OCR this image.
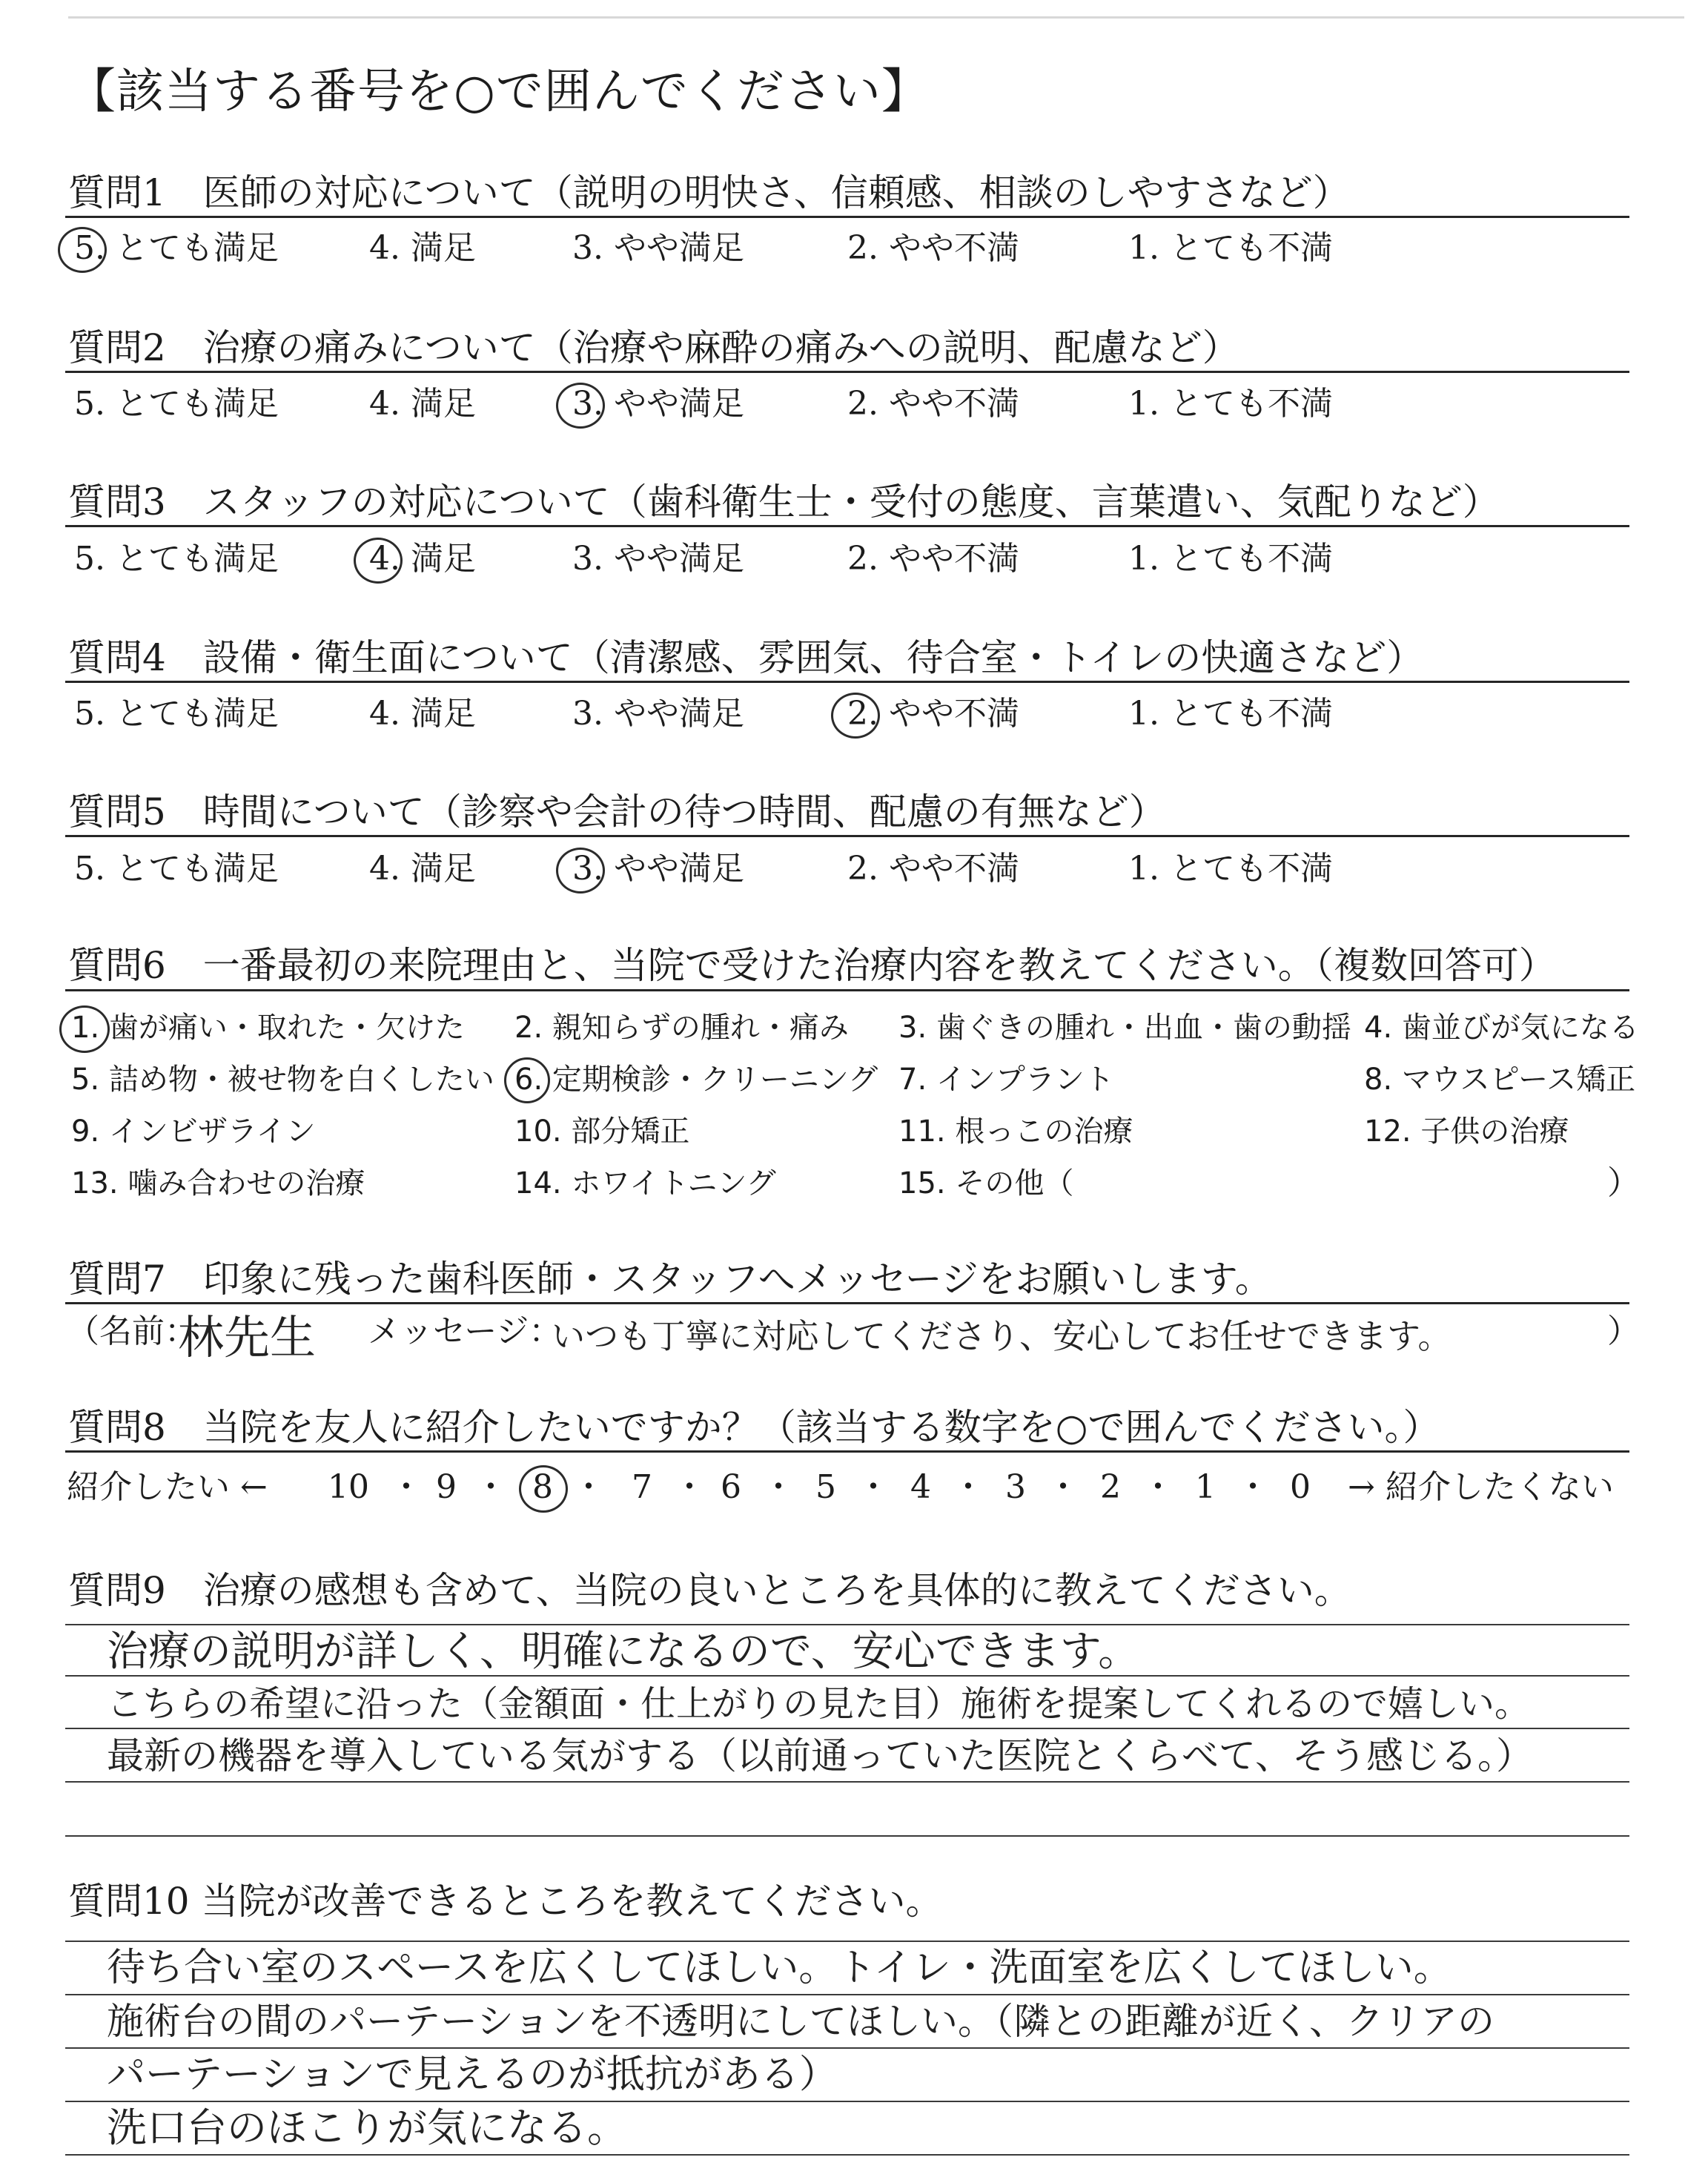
【該当する番号を○で囲んでください】
質問1　医師の対応について（説明の明快さ、信頼感、相談のしやすさなど）
5. とても満足	4. 満足	3. やや満足	2. やや不満	1. とても不満
質問2　治療の痛みについて（治療や麻酔の痛みへの説明、配慮など）
5. とても満足	4. 満足	3. やや満足	2. やや不満	1. とても不満
質問3　スタッフの対応について（歯科衛生士・受付の態度、言葉遣い、気配りなど）
5. とても満足	4. 満足	3. やや満足	2. やや不満	1. とても不満
質問4　設備・衛生面について（清潔感、雰囲気、待合室・トイレの快適さなど）
5. とても満足	4. 満足	3. やや満足	2. やや不満	1. とても不満
質問5　時間について（診察や会計の待つ時間、配慮の有無など）
5. とても満足	4. 満足	3. やや満足	2. やや不満	1. とても不満
質問6　一番最初の来院理由と、当院で受けた治療内容を教えてください。（複数回答可）
1. 歯が痛い・取れた・欠けた 2. 親知らずの腫れ・痛み 3. 歯ぐきの腫れ・出血・歯の動揺 4. 歯並びが気になる
5. 詰め物・被せ物を白くしたい 6. 定期検診・クリーニング 7. インプラント	8. マウスピース矯正
9. インビザライン	10. 部分矯正	11. 根っこの治療	12. 子供の治療
13. 噛み合わせの治療	14. ホワイトニング	15. その他（	）
質問7　印象に残った歯科医師・スタッフへメッセージをお願いします。
（名前：
林先生 メッセージ：
いつも丁寧に対応してくださり、安心してお任せできます。	）
質問8　当院を友人に紹介したいですか？（該当する数字を○で囲んでください。）
紹介したい ← 10 ・ 9 ・ 8 ・ 7 ・ 6 ・ 5 ・ 4 ・ 3 ・ 2 ・ 1 ・ 0 → 紹介したくない
質問9　治療の感想も含めて、当院の良いところを具体的に教えてください。
治療の説明が詳しく、明確になるので、安心できます。
こちらの希望に沿った（金額面・仕上がりの見た目）施術を提案してくれるので嬉しい。
最新の機器を導入している気がする（以前通っていた医院とくらべて、そう感じる。）
質問10 当院が改善できるところを教えてください。
待ち合い室のスペースを広くしてほしい。トイレ・洗面室を広くしてほしい。
施術台の間のパーテーションを不透明にしてほしい。（隣との距離が近く、クリアの
パーテーションで見えるのが抵抗がある）
洗口台のほこりが気になる。
